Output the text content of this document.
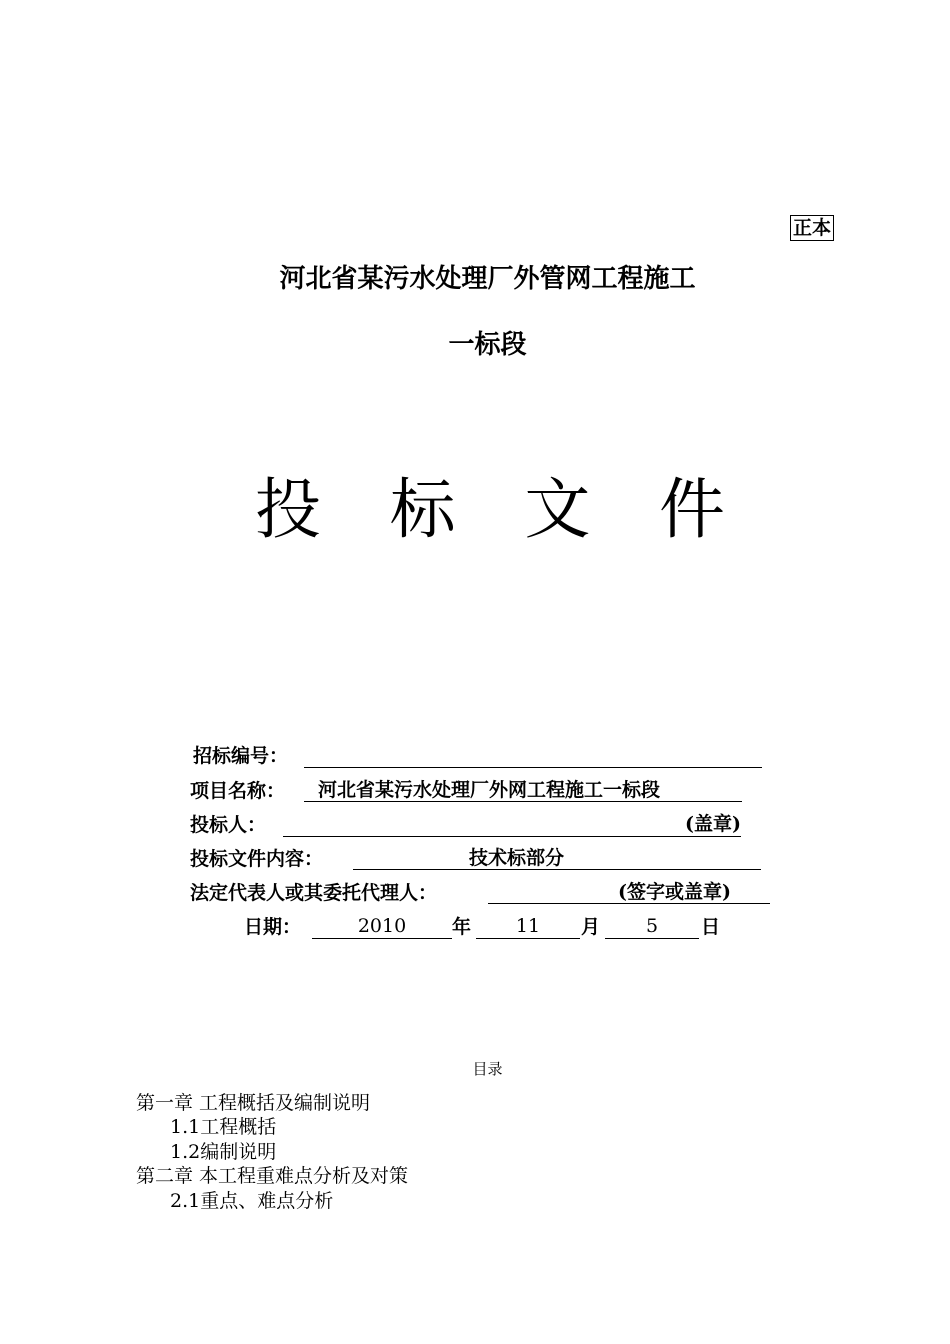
正本
河北省某污水处理厂外管网工程施工
一标段
投 标 文 件
招标编号：
项目名称：	河北省某污水处理厂外网工程施工一标段
投标人：	(盖章)
投标文件内容：	技术标部分
法定代表人或其委托代理人：	(签字或盖章)
日期：	2010	年	11	月	5	日
目录
第一章 工程概括及编制说明
1.1工程概括
1.2编制说明
第二章 本工程重难点分析及对策
2.1重点、难点分析
